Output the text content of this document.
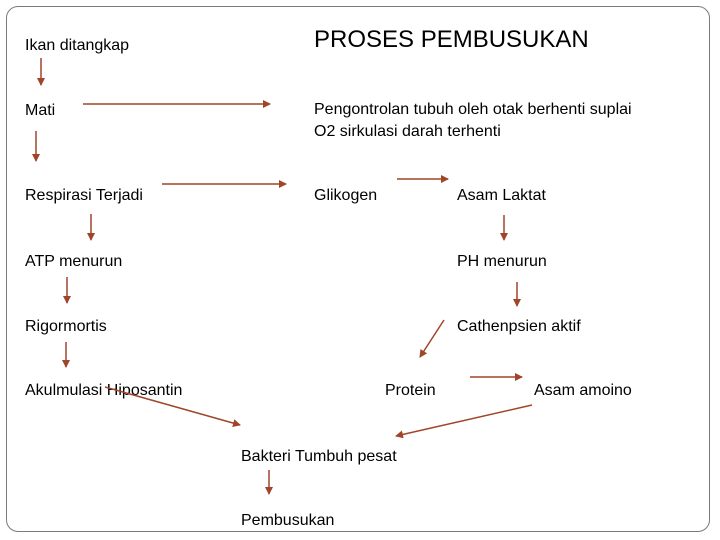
PROSES PEMBUSUKAN
Ikan ditangkap
Mati
Respirasi Terjadi
ATP menurun
Rigormortis
Akulmulasi Hiposantin
Pengontrolan tubuh oleh otak berhenti suplai
O2 sirkulasi darah terhenti
Glikogen	Asam Laktat
PH menurun
Cathenpsien aktif
Protein	Asam amoino
Bakteri Tumbuh pesat
Pembusukan
